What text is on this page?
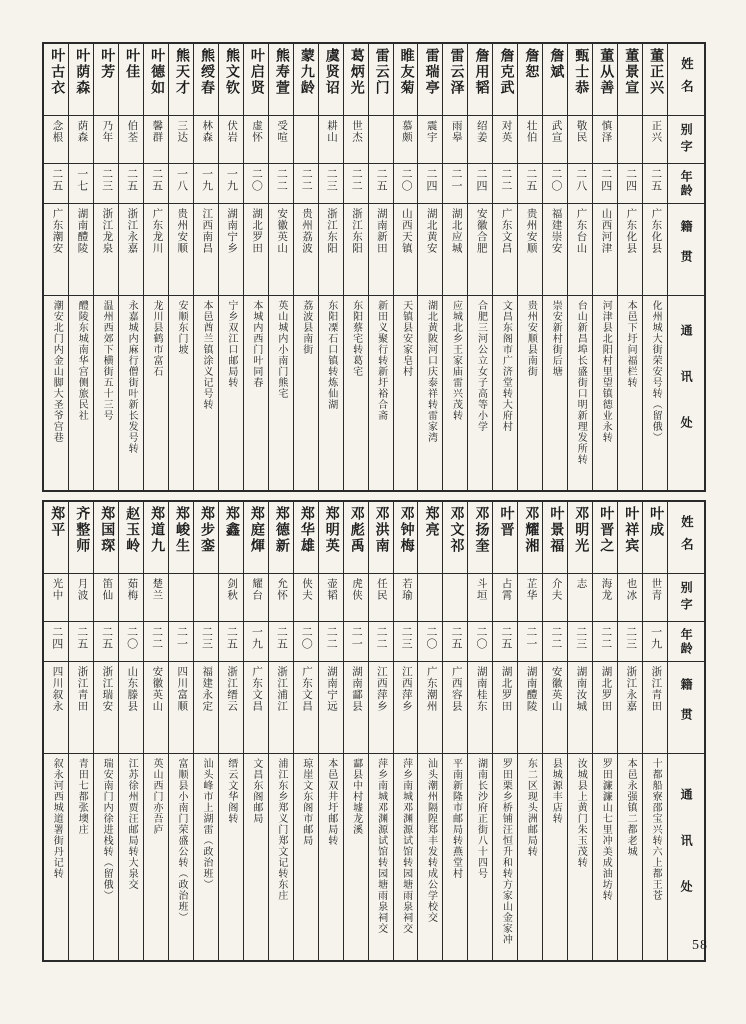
姓名
别字
年龄
籍贯
通讯处
董正兴
正兴
二五
广东化县
化州城大街荣安号转（留俄）
董景宣
二四
广东化县
本邑下圩问福栏转
董从善
慎泽
二四
山西河津
河津县北阳村里望镇德业永转
甄士恭
敬民
二八
广东台山
台山新昌埠长盛街口明新理发所转
詹斌
武宣
二〇
福建崇安
崇安新村街后塘
詹恕
壮伯
二五
贵州安顺
贵州安顺县南街
詹克武
对英
二二
广东文昌
文昌东阁市广济堂转大府村
詹用韬
绍姜
二四
安徽合肥
合肥三河公立女子高等小学
雷云泽
雨皋
二一
湖北应城
应城北乡王家庙雷兴茂转
雷瑞亭
震宇
二四
湖北黄安
湖北黄陂河口庆泰祥转雷家湾
睢友菊
慕颇
二〇
山西天镇
天镇县安家皂村
雷云门
二五
湖南新田
新田义聚行转新圩裕合斋
葛炳光
世杰
二二
浙江东阳
东阳蔡宅转葛宅
虞贤诏
耕山
二三
浙江东阳
东阳凓石口镇转炼仙湖
蒙九龄
二二
贵州荔波
荔波县南街
熊寿萱
受喧
二二
安徽英山
英山城内小南门熊宅
叶启贤
虚怀
二〇
湖北罗田
本城内西门叶同春
熊文钦
伏岩
一九
湖南宁乡
宁乡双江口邮局转
熊绶春
林森
一九
江西南昌
本邑酋兰镇涂义记号转
熊天才
三达
一八
贵州安顺
安顺东门坡
叶德如
馨群
二五
广东龙川
龙川县鹤市富石
叶佳
伯荃
二五
浙江永嘉
永嘉城内麻行僧街叶新长发号转
叶芳
乃年
二三
浙江龙泉
温州西郊下横街五十三号
叶荫森
荫森
一七
湖南醴陵
醴陵东城南华宫侧旅民社
叶古衣
念根
二五
广东潮安
潮安北门内金山脚大圣爷宫巷
姓名
别字
年龄
籍贯
通讯处
叶成
世青
一九
浙江青田
十都船寮邵宝兴转六上都王苍
叶祥宾
也冰
二三
浙江永嘉
本邑永强镇二都老城
叶晋之
海龙
二二
湖北罗田
罗田濂濂山七里冲美成油坊转
邓明光
志
二三
湖南汝城
汝城县上黄门朱玉茂转
叶景福
介夫
二二
安徽英山
县城源丰店转
邓耀湘
芷华
二一
湖南醴陵
东二区现头洲邮局转
叶晋
占霄
二五
湖北罗田
罗田栗乡桥铺汪恒升和转方家山金家冲
邓扬奎
斗垣
二〇
湖南桂东
湖南长沙府正街八十四号
邓文祁
二五
广西容县
平南新隆市邮局转燕堂村
郑亮
二〇
广东潮州
汕头潮州隔隍郑丰发转成公学校交
邓钟梅
若瑜
二三
江西萍乡
萍乡南城邓渊源试馆转园塘雨泉祠交
邓洪南
任民
二二
江西萍乡
萍乡南城邓渊源试馆转园塘雨泉祠交
邓彪禹
虎侠
二一
湖南酃县
酃县中村墟龙溪
郑明英
壶韬
二二
湖南宁远
本邑双井圩邮局转
郑华雄
侠夫
二〇
广东文昌
琼崖文东阁市邮局
郑德新
允怀
二五
浙江浦江
浦江东乡郑义门郑文记转东庄
郑庭煇
耀台
一九
广东文昌
文昌东阁邮局
郑鑫
剑秋
二五
浙江缙云
缙云文华阁转
郑步銮
二三
福建永定
汕头峰市上湖雷（政治班）
郑峻生
二一
四川富顺
富顺县小南门荣盛公转（政治班）
郑道九
楚兰
二二
安徽英山
英山西门亦吾庐
赵玉岭
茹梅
二〇
山东滕县
江苏徐州贾汪邮局转大泉交
郑国琛
笛仙
二五
浙江瑞安
瑞安南门内徐进栈转（留俄）
齐整师
月波
二五
浙江青田
青田七都张墺庄
郑平
光中
二四
四川叙永
叙永河西城道署街丹记转
58
